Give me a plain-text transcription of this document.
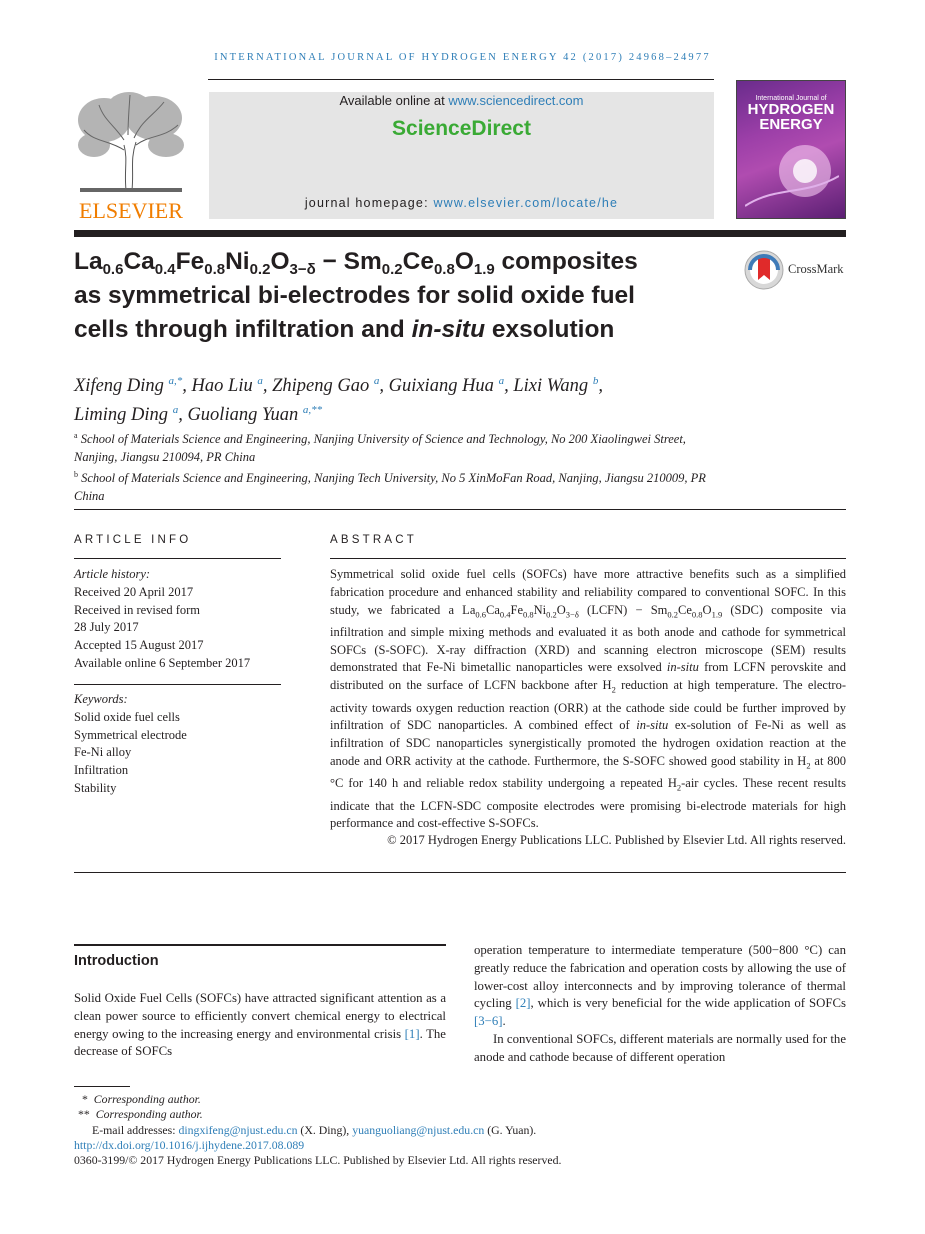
INTERNATIONAL JOURNAL OF HYDROGEN ENERGY 42 (2017) 24968–24977
ELSEVIER
Available online at www.sciencedirect.com
ScienceDirect
journal homepage: www.elsevier.com/locate/he
International Journal of
HYDROGEN
ENERGY
$La_{0.6}Ca_{0.4}Fe_{0.8}Ni_{0.2}O_{3-\delta} - Sm_{0.2}Ce_{0.8}O_{1.9}$ composites
as symmetrical bi-electrodes for solid oxide fuel
cells through infiltration and in-situ exsolution
CrossMark
Xifeng Ding $^{a,*}$, Hao Liu $^a$, Zhipeng Gao $^a$, Guixiang Hua $^a$, Lixi Wang $^b$,
Liming Ding $^a$, Guoliang Yuan $^{a,**}$
$^a$ School of Materials Science and Engineering, Nanjing University of Science and Technology, No 200 Xiaolingwei Street, Nanjing, Jiangsu 210094, PR China
$^b$ School of Materials Science and Engineering, Nanjing Tech University, No 5 XinMoFan Road, Nanjing, Jiangsu 210009, PR China
ARTICLE INFO
Article history:
Received 20 April 2017
Received in revised form
28 July 2017
Accepted 15 August 2017
Available online 6 September 2017
Keywords:
Solid oxide fuel cells
Symmetrical electrode
Fe-Ni alloy
Infiltration
Stability
ABSTRACT
Symmetrical solid oxide fuel cells (SOFCs) have more attractive benefits such as a simplified fabrication procedure and enhanced stability and reliability compared to conventional SOFC. In this study, we fabricated a $La_{0.6}Ca_{0.4}Fe_{0.8}Ni_{0.2}O_{3-\delta}$ (LCFN) − $Sm_{0.2}Ce_{0.8}O_{1.9}$ (SDC) composite via infiltration and simple mixing methods and evaluated it as both anode and cathode for symmetrical SOFCs (S-SOFC). X-ray diffraction (XRD) and scanning electron microscope (SEM) results demonstrated that Fe-Ni bimetallic nanoparticles were exsolved in-situ from LCFN perovskite and distributed on the surface of LCFN backbone after $H_2$ reduction at high temperature. The electro-activity towards oxygen reduction reaction (ORR) at the cathode side could be further improved by infiltration of SDC nanoparticles. A combined effect of in-situ ex-solution of Fe-Ni as well as infiltration of SDC nanoparticles synergistically promoted the hydrogen oxidation reaction at the anode and ORR activity at the cathode. Furthermore, the S-SOFC showed good stability in $H_2$ at 800 °C for 140 h and reliable redox stability undergoing a repeated $H_2$-air cycles. These recent results indicate that the LCFN-SDC composite electrodes were promising bi-electrode materials for high performance and cost-effective S-SOFCs.
© 2017 Hydrogen Energy Publications LLC. Published by Elsevier Ltd. All rights reserved.
Introduction
Solid Oxide Fuel Cells (SOFCs) have attracted significant attention as a clean power source to efficiently convert chemical energy to electrical energy owing to the increasing energy and environmental crisis [1]. The decrease of SOFCs
operation temperature to intermediate temperature (500−800 °C) can greatly reduce the fabrication and operation costs by allowing the use of lower-cost alloy interconnects and by improving tolerance of thermal cycling [2], which is very beneficial for the wide application of SOFCs [3−6].
In conventional SOFCs, different materials are normally used for the anode and cathode because of different operation
*  Corresponding author.
**  Corresponding author.
E-mail addresses: dingxifeng@njust.edu.cn (X. Ding), yuanguoliang@njust.edu.cn (G. Yuan).
http://dx.doi.org/10.1016/j.ijhydene.2017.08.089
0360-3199/© 2017 Hydrogen Energy Publications LLC. Published by Elsevier Ltd. All rights reserved.
